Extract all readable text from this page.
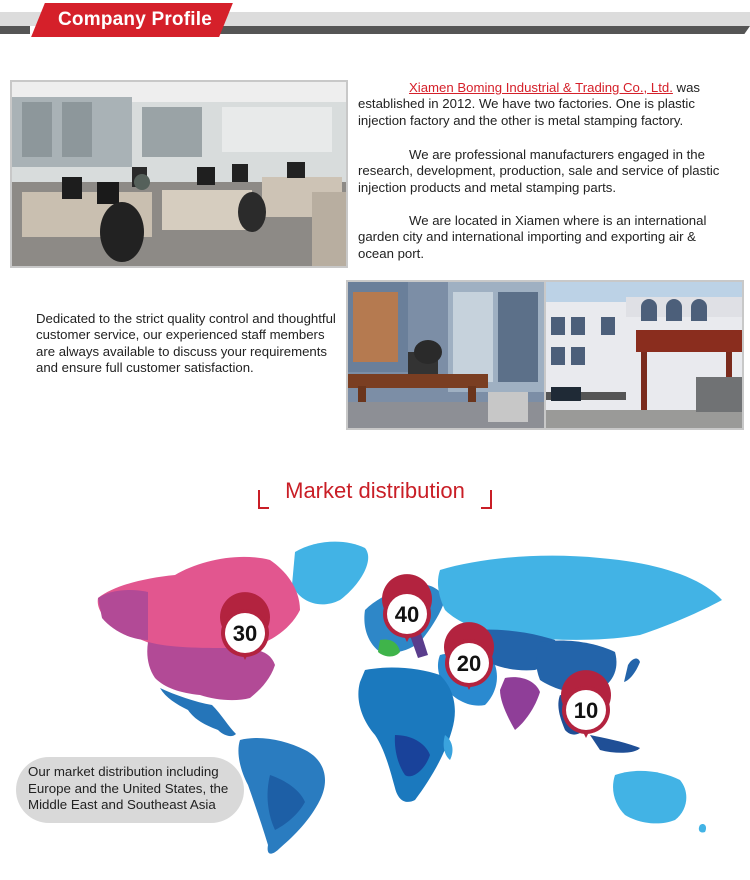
Company Profile
Xiamen Boming Industrial & Trading Co., Ltd. was established in 2012. We have two factories. One is plastic injection factory and the other is metal stamping factory.
We are professional manufacturers engaged in the research, development, production, sale and service of plastic injection products and metal stamping parts.
We are located in Xiamen where is an international garden city and international importing and exporting air & ocean port.
Dedicated to the strict quality control and thoughtful customer service, our experienced staff members are always available to discuss your requirements and ensure full customer satisfaction.
Market distribution
30
40
20
10
Our market distribution including Europe and the United States, the Middle East and Southeast Asia
